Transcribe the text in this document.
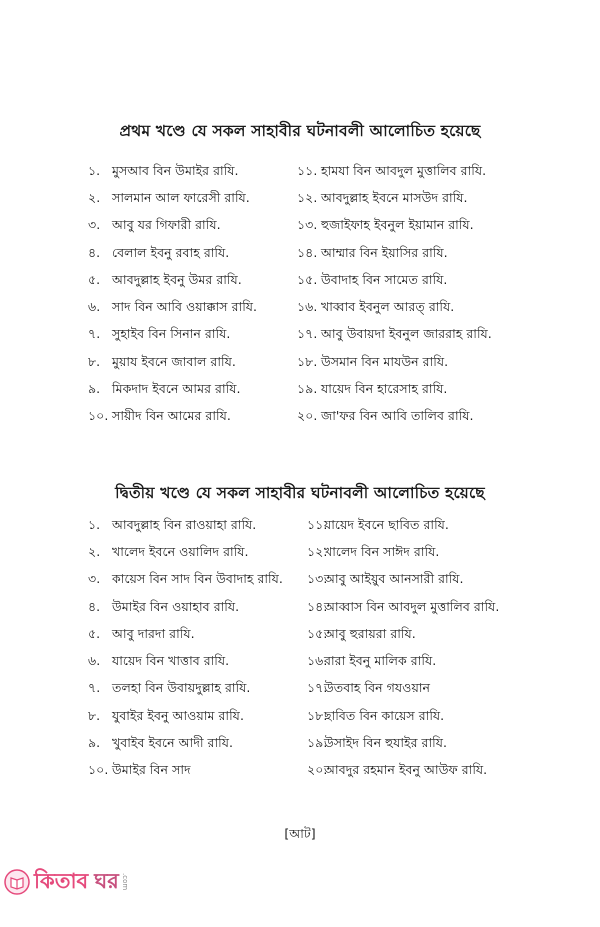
প্রথম খণ্ডে যে সকল সাহাবীর ঘটনাবলী আলোচিত হয়েছে
১. মুসআব বিন উমাইর রাযি.
২. সালমান আল ফারেসী রাযি.
৩. আবু যর গিফারী রাযি.
৪. বেলাল ইবনু রবাহ রাযি.
৫. আবদুল্লাহ ইবনু উমর রাযি.
৬. সাদ বিন আবি ওয়াক্কাস রাযি.
৭. সুহাইব বিন সিনান রাযি.
৮. মুয়ায ইবনে জাবাল রাযি.
৯. মিকদাদ ইবনে আমর রাযি.
১০. সায়ীদ বিন আমের রাযি.
১১. হামযা বিন আবদুল মুত্তালিব রাযি.
১২. আবদুল্লাহ ইবনে মাসউদ রাযি.
১৩. হুজাইফাহ ইবনুল ইয়ামান রাযি.
১৪. আম্মার বিন ইয়াসির রাযি.
১৫. উবাদাহ বিন সামেত রাযি.
১৬. খাব্বাব ইবনুল আরত্ রাযি.
১৭. আবু উবায়দা ইবনুল জাররাহ রাযি.
১৮. উসমান বিন মাযউন রাযি.
১৯. যায়েদ বিন হারেসাহ রাযি.
২০. জা'ফর বিন আবি তালিব রাযি.
দ্বিতীয় খণ্ডে যে সকল সাহাবীর ঘটনাবলী আলোচিত হয়েছে
১. আবদুল্লাহ বিন রাওয়াহা রাযি.
২. খালেদ ইবনে ওয়ালিদ রাযি.
৩. কায়েস বিন সাদ বিন উবাদাহ রাযি.
৪. উমাইর বিন ওয়াহাব রাযি.
৫. আবু দারদা রাযি.
৬. যায়েদ বিন খাত্তাব রাযি.
৭. তলহা বিন উবায়দুল্লাহ রাযি.
৮. যুবাইর ইবনু আওয়াম রাযি.
৯. খুবাইব ইবনে আদী রাযি.
১০. উমাইর বিন সাদ
১১.
যায়েদ ইবনে ছাবিত রাযি.
১২.
খালেদ বিন সাঈদ রাযি.
১৩.
আবু আইয়ুব আনসারী রাযি.
১৪.
আব্বাস বিন আবদুল মুত্তালিব রাযি.
১৫.
আবু হুরায়রা রাযি.
১৬.
বারা ইবনু মালিক রাযি.
১৭.
উতবাহ বিন গযওয়ান
১৮.
ছাবিত বিন কায়েস রাযি.
১৯.
উসাইদ বিন হুযাইর রাযি.
২০.
আবদুর রহমান ইবনু আউফ রাযি.
[আট]
কিতাব ঘর .com
